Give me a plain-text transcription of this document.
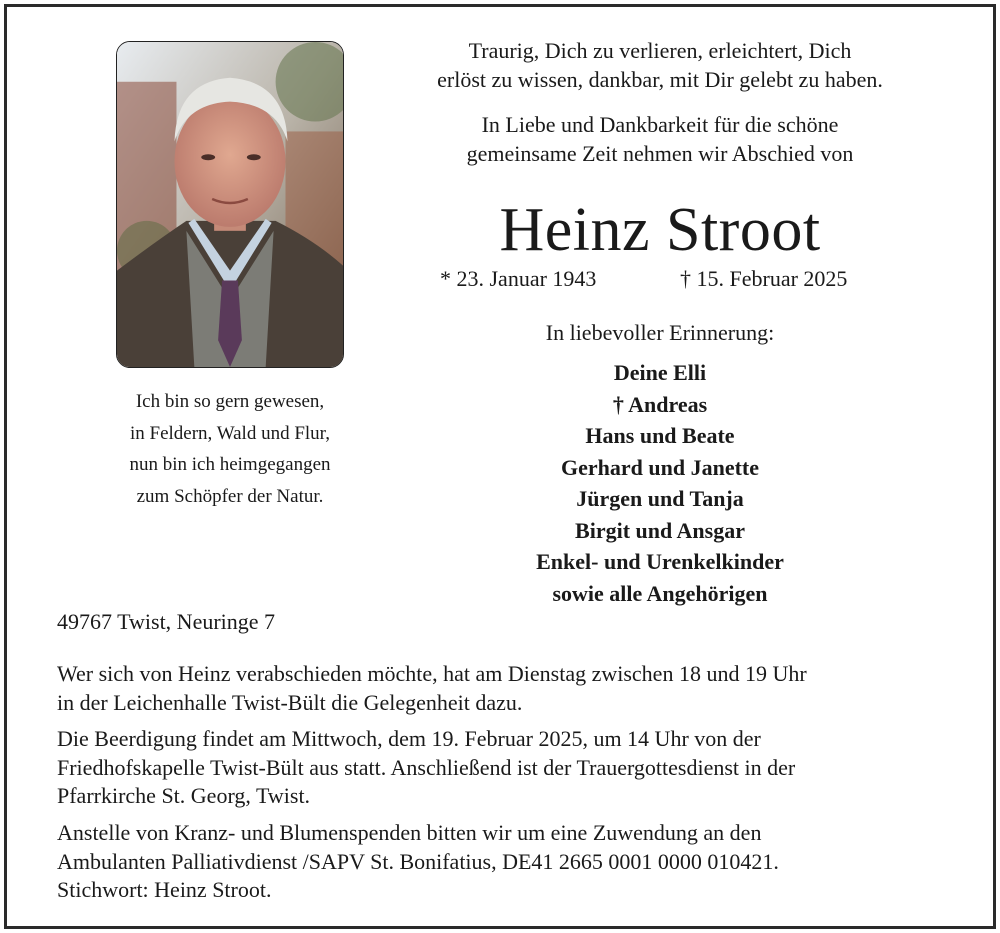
Ich bin so gern gewesen,
in Feldern, Wald und Flur,
nun bin ich heimgegangen
zum Schöpfer der Natur.
Traurig, Dich zu verlieren, erleichtert, Dich
erlöst zu wissen, dankbar, mit Dir gelebt zu haben.
In Liebe und Dankbarkeit für die schöne
gemeinsame Zeit nehmen wir Abschied von
Heinz Stroot
* 23. Januar 1943	† 15. Februar 2025
In liebevoller Erinnerung:
Deine Elli
† Andreas
Hans und Beate
Gerhard und Janette
Jürgen und Tanja
Birgit und Ansgar
Enkel- und Urenkelkinder
sowie alle Angehörigen
49767 Twist, Neuringe 7
Wer sich von Heinz verabschieden möchte, hat am Dienstag zwischen 18 und 19 Uhr
in der Leichenhalle Twist-Bült die Gelegenheit dazu.
Die Beerdigung findet am Mittwoch, dem 19. Februar 2025, um 14 Uhr von der
Friedhofskapelle Twist-Bült aus statt. Anschließend ist der Trauergottesdienst in der
Pfarrkirche St. Georg, Twist.
Anstelle von Kranz- und Blumenspenden bitten wir um eine Zuwendung an den
Ambulanten Palliativdienst /SAPV St. Bonifatius, DE41 2665 0001 0000 010421.
Stichwort: Heinz Stroot.
